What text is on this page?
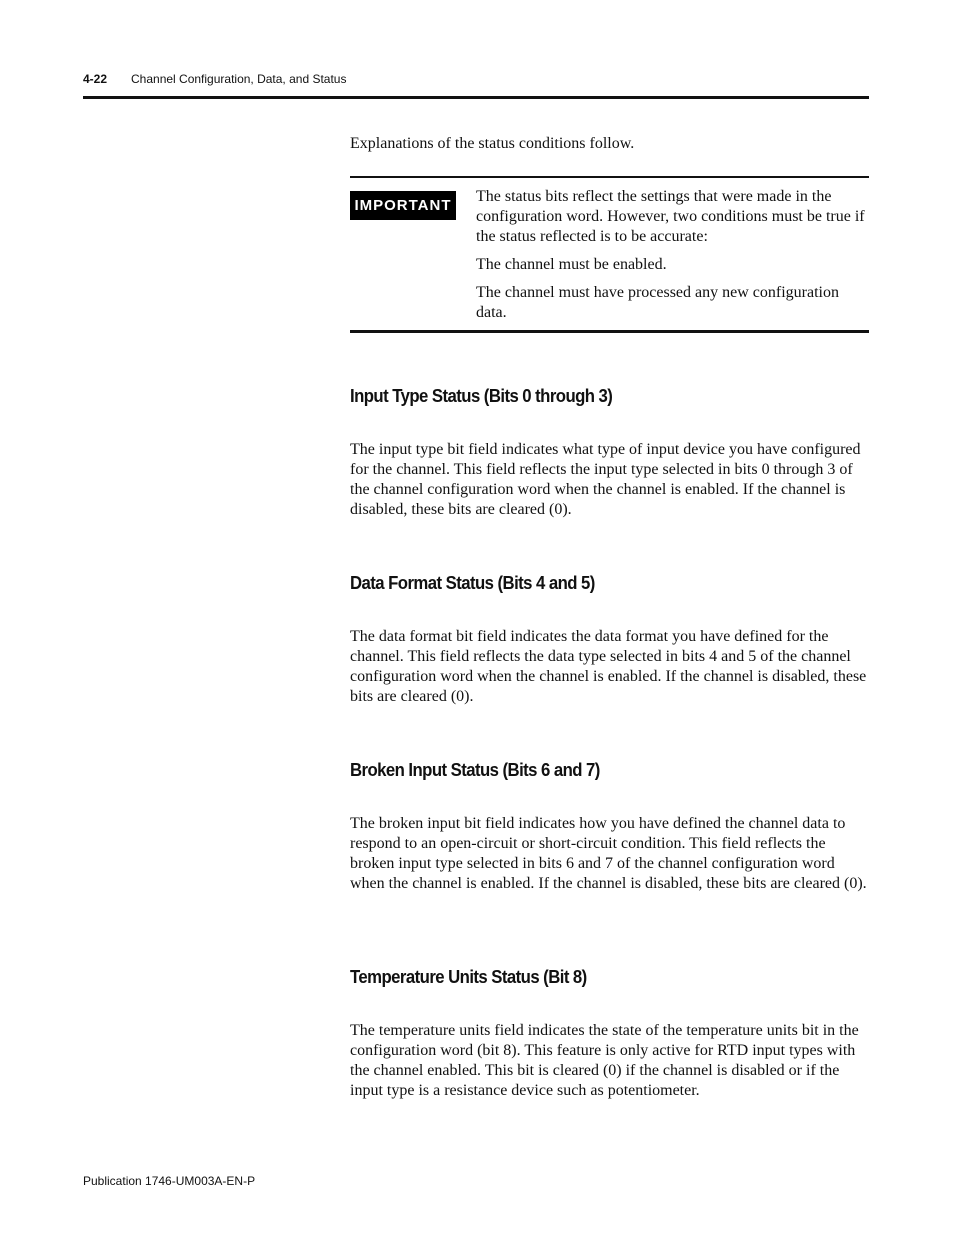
4-22 Channel Configuration, Data, and Status
Explanations of the status conditions follow.
IMPORTANT

The status bits reflect the settings that were made in the configuration word. However, two conditions must be true if the status reflected is to be accurate:

The channel must be enabled.

The channel must have processed any new configuration data.

Input Type Status (Bits 0 through 3)

The input type bit field indicates what type of input device you have configured for the channel. This field reflects the input type selected in bits 0 through 3 of the channel configuration word when the channel is enabled. If the channel is disabled, these bits are cleared (0).

Data Format Status (Bits 4 and 5)

The data format bit field indicates the data format you have defined for the channel. This field reflects the data type selected in bits 4 and 5 of the channel configuration word when the channel is enabled. If the channel is disabled, these bits are cleared (0).

Broken Input Status (Bits 6 and 7)

The broken input bit field indicates how you have defined the channel data to respond to an open-circuit or short-circuit condition. This field reflects the broken input type selected in bits 6 and 7 of the channel configuration word when the channel is enabled. If the channel is disabled, these bits are cleared (0).

Temperature Units Status (Bit 8)

The temperature units field indicates the state of the temperature units bit in the configuration word (bit 8). This feature is only active for RTD input types with the channel enabled. This bit is cleared (0) if the channel is disabled or if the input type is a resistance device such as potentiometer.

Publication 1746-UM003A-EN-P
